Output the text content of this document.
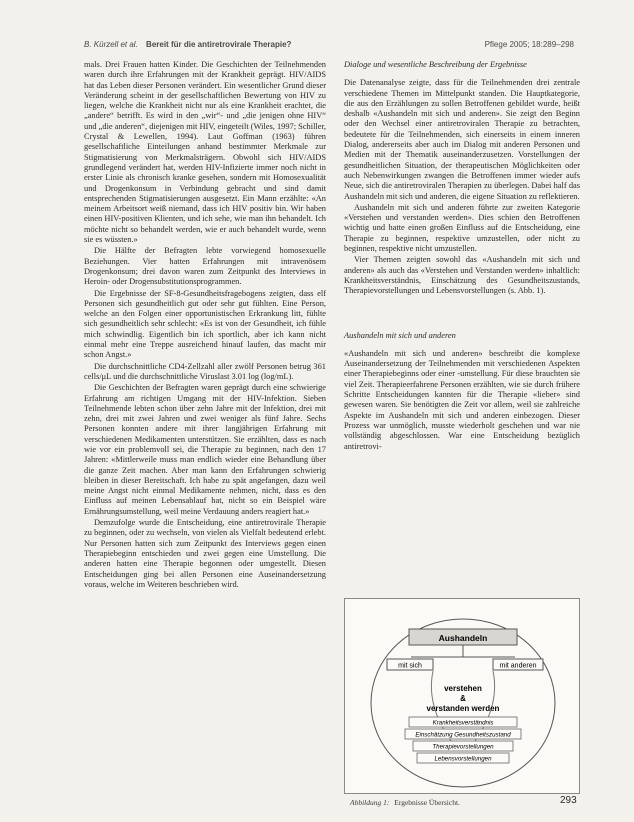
B. Kürzell et al. Bereit für die antiretrovirale Therapie?	Pflege 2005; 18:289–298

mals. Drei Frauen hatten Kinder. Die Geschichten der Teilnehmenden waren durch ihre Erfahrungen mit der Krankheit geprägt. HIV/AIDS hat das Leben dieser Personen verändert. Ein wesentlicher Grund dieser Veränderung scheint in der gesellschaftlichen Bewertung von HIV zu liegen, welche die Krankheit nicht nur als eine Krankheit erachtet, die „andere“ betrifft. Es wird in den „wir“- und „die jenigen ohne HIV“ und „die anderen“, diejenigen mit HIV, eingeteilt (Wiles, 1997; Schiller, Crystal & Lewellen, 1994). Laut Goffman (1963) führen gesellschaftliche Einteilungen anhand bestimmter Merkmale zur Stigmatisierung von Merkmalsträgern. Obwohl sich HIV/AIDS grundlegend verändert hat, werden HIV-Infizierte immer noch nicht in erster Linie als chronisch kranke gesehen, sondern mit Homosexualität und Drogenkonsum in Verbindung gebracht und sind damit entsprechenden Stigmatisierungen ausgesetzt. Ein Mann erzählte: «An meinem Arbeitsort weiß niemand, dass ich HIV positiv bin. Wir haben einen HIV-positiven Klienten, und ich sehe, wie man ihn behandelt. Ich möchte nicht so behandelt werden, wie er auch behandelt wurde, wenn sie es wüssten.»

Die Hälfte der Befragten lebte vorwiegend homosexuelle Beziehungen. Vier hatten Erfahrungen mit intravenösem Drogenkonsum; drei davon waren zum Zeitpunkt des Interviews in Heroin- oder Drogensubstitutionsprogrammen.

Die Ergebnisse der SF-8-Gesundheitsfragebogens zeigten, dass elf Personen sich gesundheitlich gut oder sehr gut fühlten. Eine Person, welche an den Folgen einer opportunistischen Erkrankung litt, fühlte sich gesundheitlich sehr schlecht: «Es ist von der Gesundheit, ich fühle mich schwindlig. Eigentlich bin ich sportlich, aber ich kann nicht einmal mehr eine Treppe ausreichend hinauf laufen, das macht mir schon Angst.»

Die durchschnittliche CD4-Zellzahl aller zwölf Personen betrug 361 cells/μL und die durchschnittliche Viruslast 3.01 log (log/mL).

Die Geschichten der Befragten waren geprägt durch eine schwierige Erfahrung am richtigen Umgang mit der HIV-Infektion. Sieben Teilnehmende lebten schon über zehn Jahre mit der Infektion, drei mit zehn, drei mit zwei Jahren und zwei weniger als fünf Jahre. Sechs Personen konnten andere mit ihrer langjährigen Erfahrung mit verschiedenen Medikamenten unterstützen. Sie erzählten, dass es nach wie vor ein problemvoll sei, die Therapie zu beginnen, nach den 17 Jahren: «Mittlerweile muss man endlich wieder eine Behandlung über die ganze Zeit machen. Aber man kann den Erfahrungen schwierig bleiben in dieser Bereitschaft. Ich habe zu spät angefangen, dazu weil meine Angst nicht einmal Medikamente nehmen, nicht, dass es den Einfluss auf meinen Lebensablauf hat, nicht so ein Beispiel wäre Ernährungsumstellung, weil meine Verdauung anders reagiert hat.»

Demzufolge wurde die Entscheidung, eine antiretrovirale Therapie zu beginnen, oder zu wechseln, von vielen als Vielfalt bedeutend erlebt. Nur Personen hatten sich zum Zeitpunkt des Interviews gegen einen Therapiebeginn entschieden und zwei gegen eine Umstellung. Die anderen hatten eine Therapie begonnen oder umgestellt. Diesen Entscheidungen ging bei allen Personen eine Auseinandersetzung voraus, welche im Weiteren beschrieben wird.

Dialoge und wesentliche Beschreibung der Ergebnisse

Die Datenanalyse zeigte, dass für die Teilnehmenden drei zentrale verschiedene Themen im Mittelpunkt standen. Die Hauptkategorie, die aus den Erzählungen zu sollen Betroffenen gebildet wurde, heißt deshalb «Aushandeln mit sich und anderen». Sie zeigt den Beginn oder den Wechsel einer antiretroviralen Therapie zu betrachten, bedeutete für die Teilnehmenden, sich einerseits in einem inneren Dialog, andererseits aber auch im Dialog mit anderen Personen und Medien mit der Thematik auseinanderzusetzen. Vorstellungen der gesundheitlichen Situation, der therapeutischen Möglichkeiten oder auch Nebenwirkungen zwangen die Betroffenen immer wieder aufs Neue, sich die antiretroviralen Therapien zu überlegen. Dabei half das Aushandeln mit sich und anderen, die eigene Situation zu reflektieren.

Aushandeln mit sich und anderen führte zur zweiten Kategorie «Verstehen und verstanden werden». Dies schien den Betroffenen wichtig und hatte einen großen Einfluss auf die Entscheidung, eine Therapie zu beginnen, respektive umzustellen, oder nicht zu beginnen, respektive nicht umzustellen.

Vier Themen zeigten sowohl das «Aushandeln mit sich und anderen» als auch das «Verstehen und Verstanden werden» inhaltlich: Krankheitsverständnis, Einschätzung des Gesundheitszustands, Therapievorstellungen und Lebensvorstellungen (s. Abb. 1).

Aushandeln mit sich und anderen

«Aushandeln mit sich und anderen» beschreibt die komplexe Auseinandersetzung der Teilnehmenden mit verschiedenen Aspekten einer Therapiebeginns oder einer -umstellung. Für diese brauchten sie viel Zeit. Therapieerfahrene Personen erzählten, wie sie durch frühere Schritte Entscheidungen kannten für die Therapie «lieber» sind gewesen waren. Sie benötigten die Zeit vor allem, weil sie zahlreiche Aspekte im Aushandeln mit sich und anderen einbezogen. Dieser Prozess war unmöglich, musste wiederholt geschehen und war nie vollständig abgeschlossen. War eine Entscheidung bezüglich antiretrovi-

Aushandeln
mit sich	mit anderen
verstehen
&
verstanden werden
Krankheitsverständnis
Einschätzung Gesundheitszustand
Therapievorstellungen
Lebensvorstellungen
Abbildung 1: Ergebnisse Übersicht.	293
